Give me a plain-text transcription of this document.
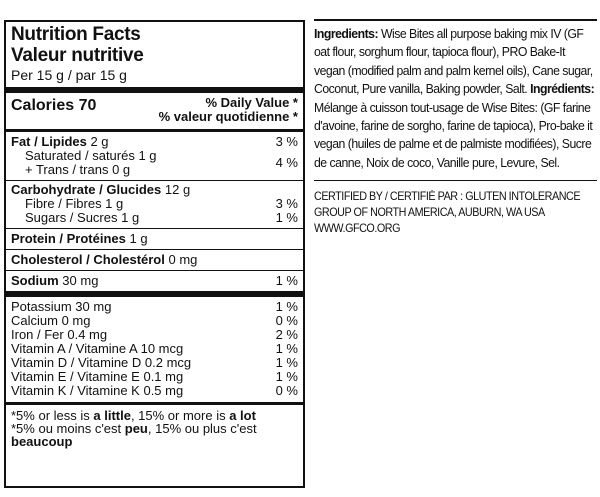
Nutrition Facts
Valeur nutritive
Per 15 g / par 15 g
Calories 70	% Daily Value *
% valeur quotidienne *
Fat / Lipides 2 g	3 %
Saturated / saturés 1 g
+ Trans / trans 0 g	4 %
Carbohydrate / Glucides 12 g
Fibre / Fibres 1 g	3 %
Sugars / Sucres 1 g	1 %
Protein / Protéines 1 g
Cholesterol / Cholestérol 0 mg
Sodium 30 mg	1 %
Potassium 30 mg	1 %
Calcium 0 mg	0 %
Iron / Fer 0.4 mg	2 %
Vitamin A / Vitamine A 10 mcg	1 %
Vitamin D / Vitamine D 0.2 mcg	1 %
Vitamin E / Vitamine E 0.1 mg	1 %
Vitamin K / Vitamine K 0.5 mg	0 %
*5% or less is a little, 15% or more is a lot
*5% ou moins c'est peu, 15% ou plus c'est
beaucoup
Ingredients: Wise Bites all purpose baking mix IV (GF oat flour, sorghum flour, tapioca flour), PRO Bake-It vegan (modified palm and palm kernel oils), Cane sugar, Coconut, Pure vanilla, Baking powder, Salt. Ingrédients: Mélange à cuisson tout-usage de Wise Bites: (GF farine d'avoine, farine de sorgho, farine de tapioca), Pro-bake it vegan (huiles de palme et de palmiste modifiées), Sucre de canne, Noix de coco, Vanille pure, Levure, Sel.
CERTIFIED BY / CERTIFIÉ PAR : GLUTEN INTOLERANCE GROUP OF NORTH AMERICA, AUBURN, WA USA WWW.GFCO.ORG
